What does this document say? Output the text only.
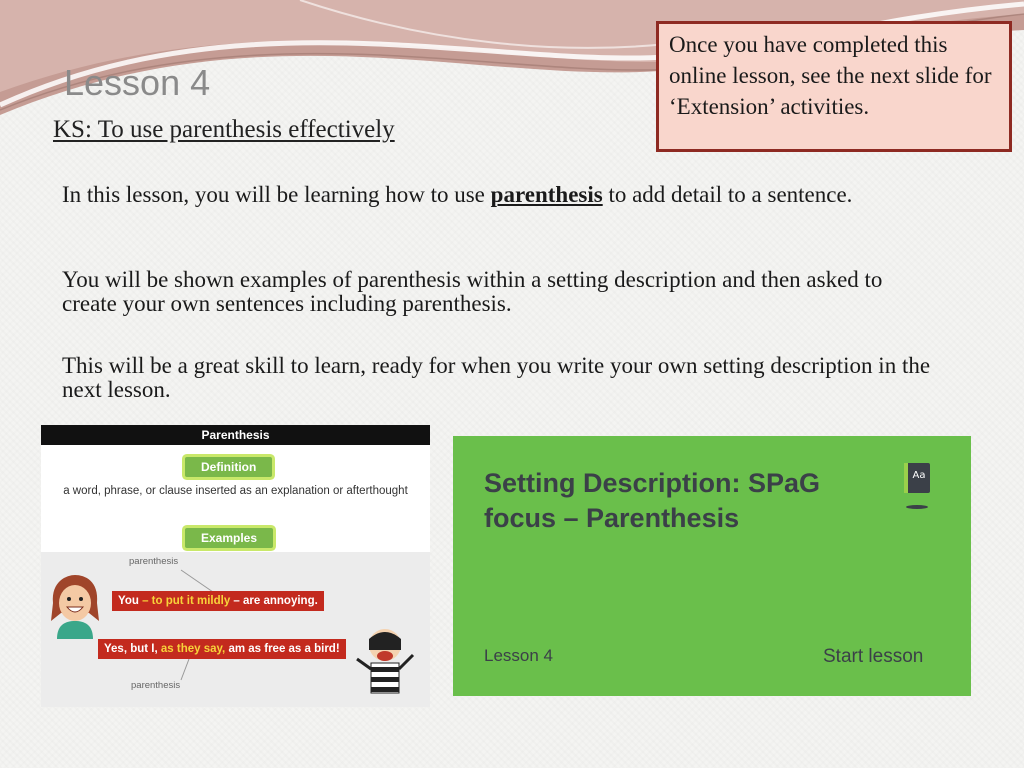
Lesson 4
KS: To use parenthesis effectively
Once you have completed this online lesson, see the next slide for ‘Extension’ activities.

In this lesson, you will be learning how to use parenthesis to add detail to a sentence.

You will be shown examples of parenthesis within a setting description and then asked to create your own sentences including parenthesis.

This will be a great skill to learn, ready for when you write your own setting description in the next lesson.

Parenthesis
Definition
a word, phrase, or clause inserted as an explanation or afterthought
Examples
parenthesis
You – to put it mildly – are annoying.
Yes, but I, as they say, am as free as a bird!
parenthesis
Setting Description: SPaG focus – Parenthesis
Aa
Lesson 4	Start lesson
